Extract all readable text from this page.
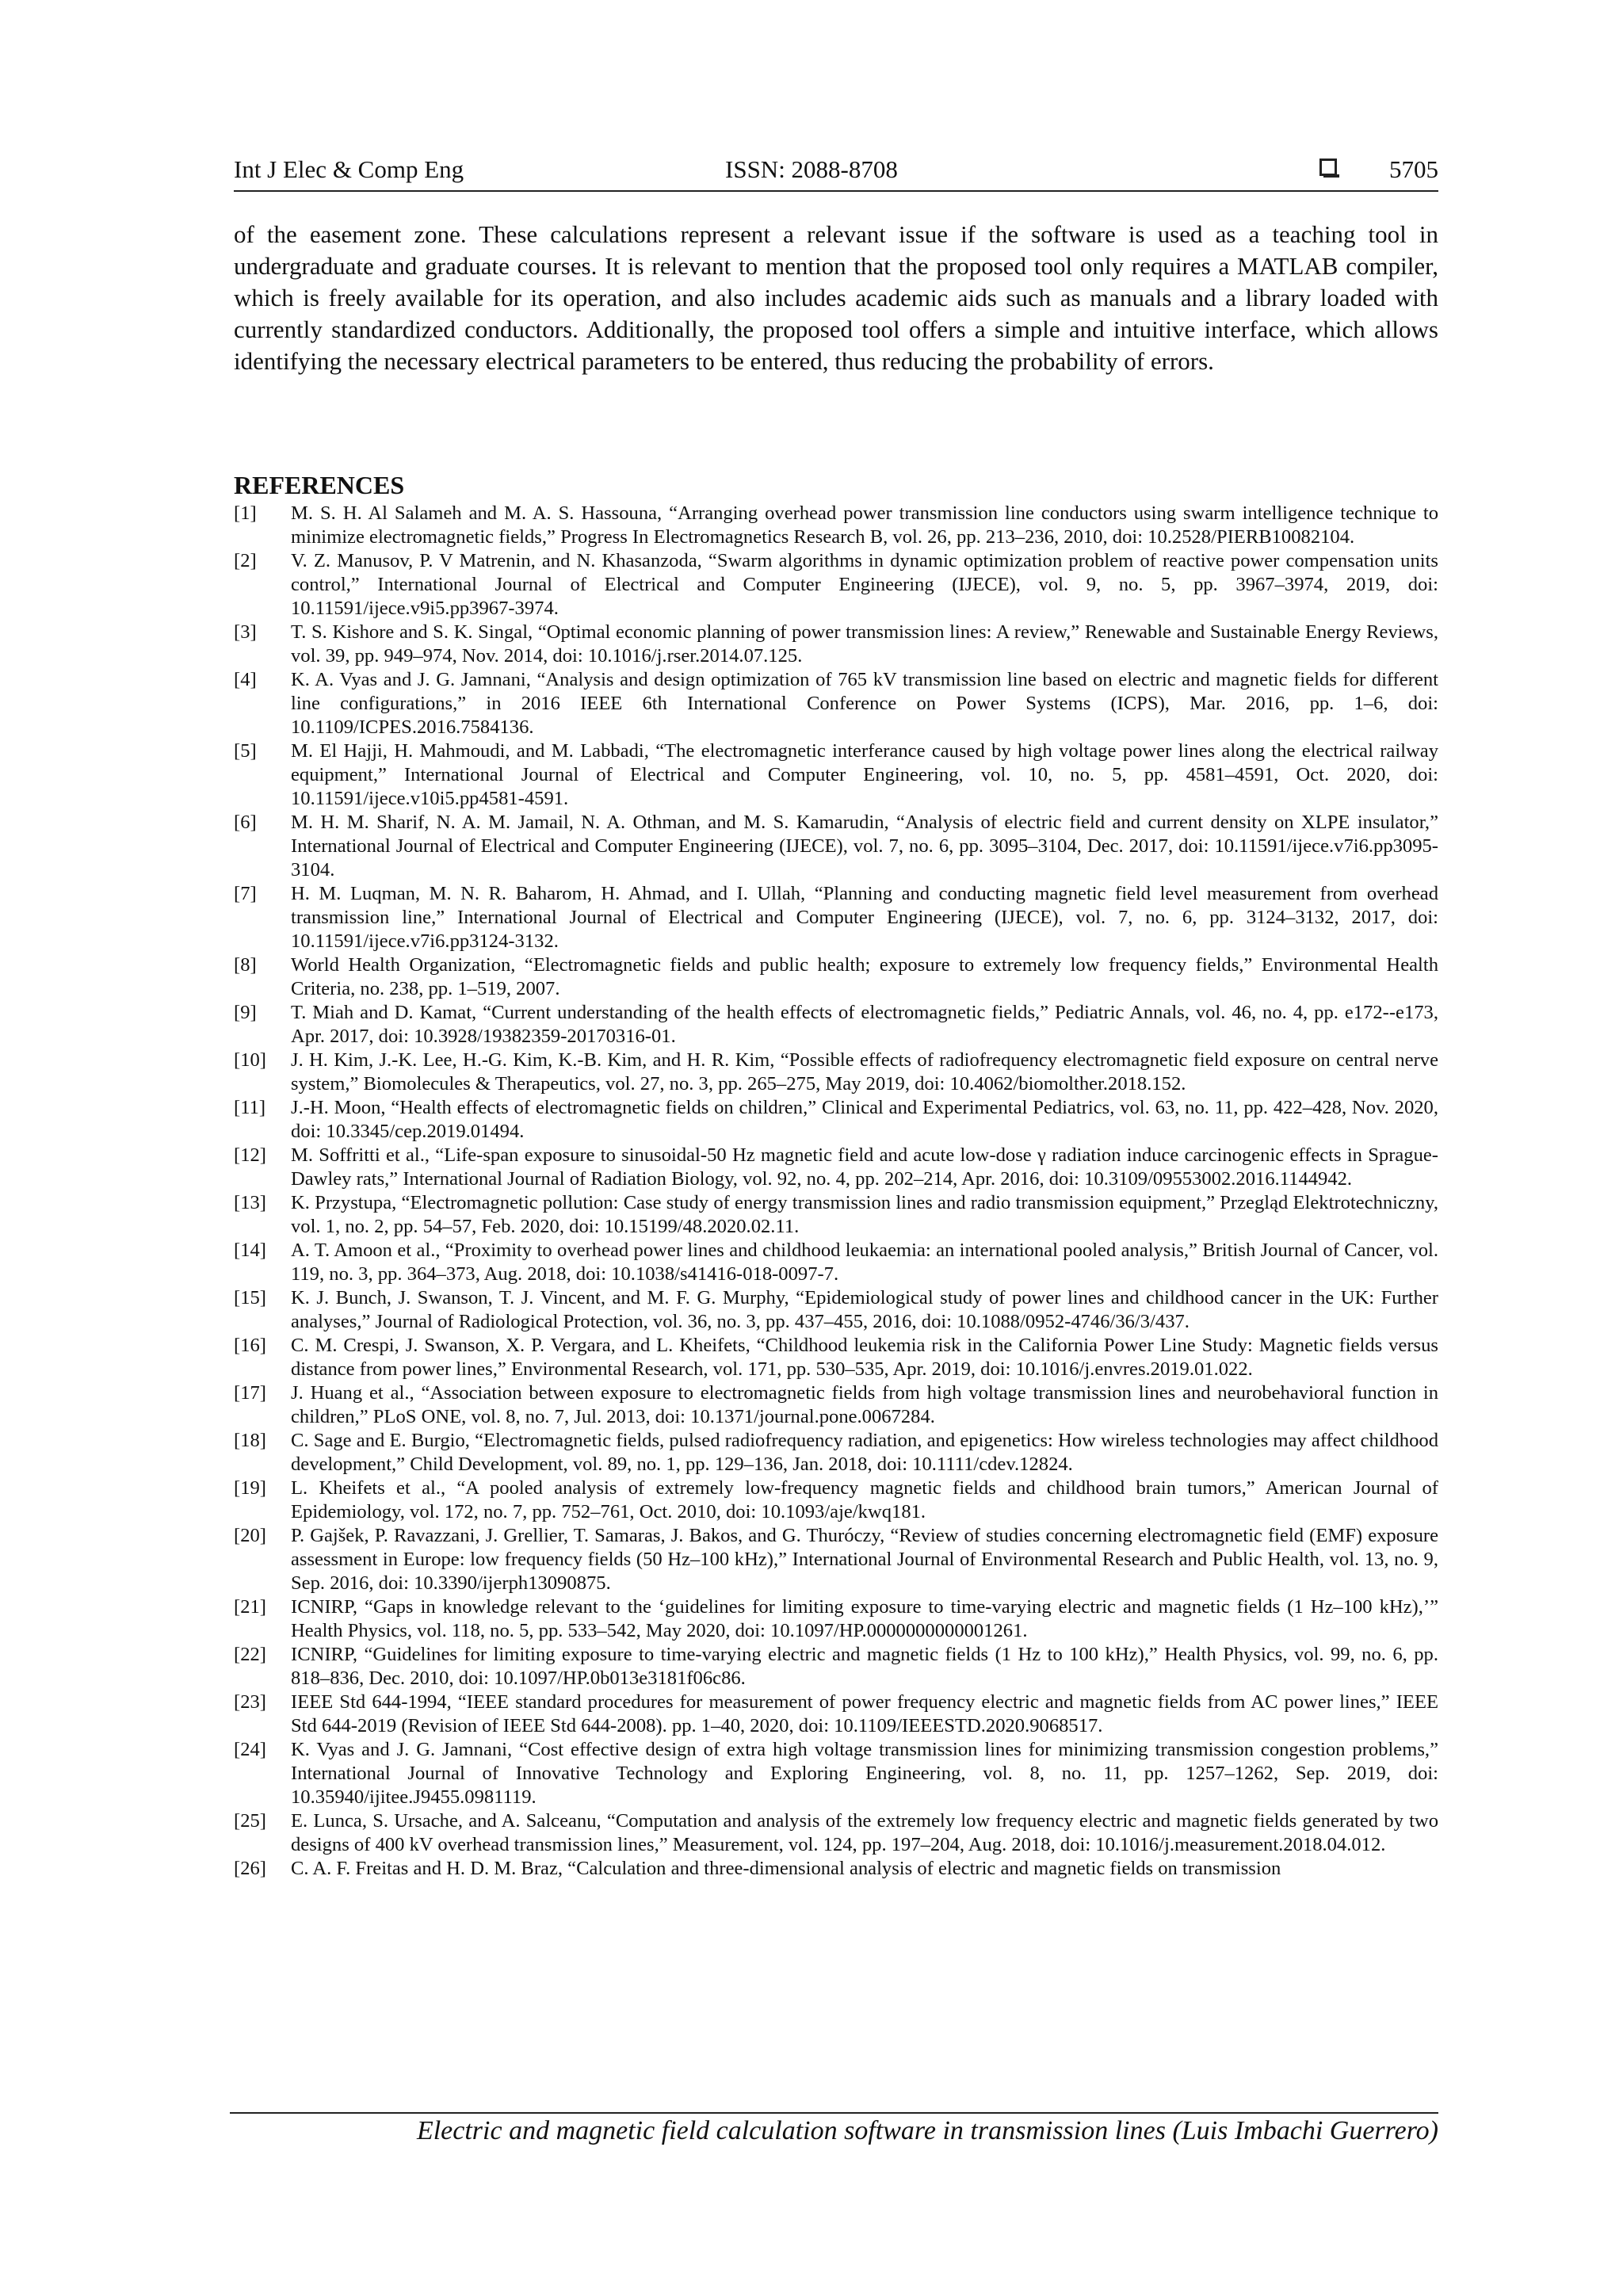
Int J Elec & Comp Eng	ISSN: 2088-8708	5705

of the easement zone. These calculations represent a relevant issue if the software is used as a teaching tool in undergraduate and graduate courses. It is relevant to mention that the proposed tool only requires a MATLAB compiler, which is freely available for its operation, and also includes academic aids such as manuals and a library loaded with currently standardized conductors. Additionally, the proposed tool offers a simple and intuitive interface, which allows identifying the necessary electrical parameters to be entered, thus reducing the probability of errors.

REFERENCES
[1]	M. S. H. Al Salameh and M. A. S. Hassouna, “Arranging overhead power transmission line conductors using swarm intelligence technique to minimize electromagnetic fields,” Progress In Electromagnetics Research B, vol. 26, pp. 213–236, 2010, doi: 10.2528/PIERB10082104.
[2]	V. Z. Manusov, P. V Matrenin, and N. Khasanzoda, “Swarm algorithms in dynamic optimization problem of reactive power compensation units control,” International Journal of Electrical and Computer Engineering (IJECE), vol. 9, no. 5, pp. 3967–3974, 2019, doi: 10.11591/ijece.v9i5.pp3967-3974.
[3]	T. S. Kishore and S. K. Singal, “Optimal economic planning of power transmission lines: A review,” Renewable and Sustainable Energy Reviews, vol. 39, pp. 949–974, Nov. 2014, doi: 10.1016/j.rser.2014.07.125.
[4]	K. A. Vyas and J. G. Jamnani, “Analysis and design optimization of 765 kV transmission line based on electric and magnetic fields for different line configurations,” in 2016 IEEE 6th International Conference on Power Systems (ICPS), Mar. 2016, pp. 1–6, doi: 10.1109/ICPES.2016.7584136.
[5]	M. El Hajji, H. Mahmoudi, and M. Labbadi, “The electromagnetic interferance caused by high voltage power lines along the electrical railway equipment,” International Journal of Electrical and Computer Engineering, vol. 10, no. 5, pp. 4581–4591, Oct. 2020, doi: 10.11591/ijece.v10i5.pp4581-4591.
[6]	M. H. M. Sharif, N. A. M. Jamail, N. A. Othman, and M. S. Kamarudin, “Analysis of electric field and current density on XLPE insulator,” International Journal of Electrical and Computer Engineering (IJECE), vol. 7, no. 6, pp. 3095–3104, Dec. 2017, doi: 10.11591/ijece.v7i6.pp3095-3104.
[7]	H. M. Luqman, M. N. R. Baharom, H. Ahmad, and I. Ullah, “Planning and conducting magnetic field level measurement from overhead transmission line,” International Journal of Electrical and Computer Engineering (IJECE), vol. 7, no. 6, pp. 3124–3132, 2017, doi: 10.11591/ijece.v7i6.pp3124-3132.
[8]	World Health Organization, “Electromagnetic fields and public health; exposure to extremely low frequency fields,” Environmental Health Criteria, no. 238, pp. 1–519, 2007.
[9]	T. Miah and D. Kamat, “Current understanding of the health effects of electromagnetic fields,” Pediatric Annals, vol. 46, no. 4, pp. e172--e173, Apr. 2017, doi: 10.3928/19382359-20170316-01.
[10]	J. H. Kim, J.-K. Lee, H.-G. Kim, K.-B. Kim, and H. R. Kim, “Possible effects of radiofrequency electromagnetic field exposure on central nerve system,” Biomolecules & Therapeutics, vol. 27, no. 3, pp. 265–275, May 2019, doi: 10.4062/biomolther.2018.152.
[11]	J.-H. Moon, “Health effects of electromagnetic fields on children,” Clinical and Experimental Pediatrics, vol. 63, no. 11, pp. 422–428, Nov. 2020, doi: 10.3345/cep.2019.01494.
[12]	M. Soffritti et al., “Life-span exposure to sinusoidal-50 Hz magnetic field and acute low-dose γ radiation induce carcinogenic effects in Sprague-Dawley rats,” International Journal of Radiation Biology, vol. 92, no. 4, pp. 202–214, Apr. 2016, doi: 10.3109/09553002.2016.1144942.
[13]	K. Przystupa, “Electromagnetic pollution: Case study of energy transmission lines and radio transmission equipment,” Przegląd Elektrotechniczny, vol. 1, no. 2, pp. 54–57, Feb. 2020, doi: 10.15199/48.2020.02.11.
[14]	A. T. Amoon et al., “Proximity to overhead power lines and childhood leukaemia: an international pooled analysis,” British Journal of Cancer, vol. 119, no. 3, pp. 364–373, Aug. 2018, doi: 10.1038/s41416-018-0097-7.
[15]	K. J. Bunch, J. Swanson, T. J. Vincent, and M. F. G. Murphy, “Epidemiological study of power lines and childhood cancer in the UK: Further analyses,” Journal of Radiological Protection, vol. 36, no. 3, pp. 437–455, 2016, doi: 10.1088/0952-4746/36/3/437.
[16]	C. M. Crespi, J. Swanson, X. P. Vergara, and L. Kheifets, “Childhood leukemia risk in the California Power Line Study: Magnetic fields versus distance from power lines,” Environmental Research, vol. 171, pp. 530–535, Apr. 2019, doi: 10.1016/j.envres.2019.01.022.
[17]	J. Huang et al., “Association between exposure to electromagnetic fields from high voltage transmission lines and neurobehavioral function in children,” PLoS ONE, vol. 8, no. 7, Jul. 2013, doi: 10.1371/journal.pone.0067284.
[18]	C. Sage and E. Burgio, “Electromagnetic fields, pulsed radiofrequency radiation, and epigenetics: How wireless technologies may affect childhood development,” Child Development, vol. 89, no. 1, pp. 129–136, Jan. 2018, doi: 10.1111/cdev.12824.
[19]	L. Kheifets et al., “A pooled analysis of extremely low-frequency magnetic fields and childhood brain tumors,” American Journal of Epidemiology, vol. 172, no. 7, pp. 752–761, Oct. 2010, doi: 10.1093/aje/kwq181.
[20]	P. Gajšek, P. Ravazzani, J. Grellier, T. Samaras, J. Bakos, and G. Thuróczy, “Review of studies concerning electromagnetic field (EMF) exposure assessment in Europe: low frequency fields (50 Hz–100 kHz),” International Journal of Environmental Research and Public Health, vol. 13, no. 9, Sep. 2016, doi: 10.3390/ijerph13090875.
[21]	ICNIRP, “Gaps in knowledge relevant to the ‘guidelines for limiting exposure to time-varying electric and magnetic fields (1 Hz–100 kHz),’” Health Physics, vol. 118, no. 5, pp. 533–542, May 2020, doi: 10.1097/HP.0000000000001261.
[22]	ICNIRP, “Guidelines for limiting exposure to time-varying electric and magnetic fields (1 Hz to 100 kHz),” Health Physics, vol. 99, no. 6, pp. 818–836, Dec. 2010, doi: 10.1097/HP.0b013e3181f06c86.
[23]	IEEE Std 644-1994, “IEEE standard procedures for measurement of power frequency electric and magnetic fields from AC power lines,” IEEE Std 644-2019 (Revision of IEEE Std 644-2008). pp. 1–40, 2020, doi: 10.1109/IEEESTD.2020.9068517.
[24]	K. Vyas and J. G. Jamnani, “Cost effective design of extra high voltage transmission lines for minimizing transmission congestion problems,” International Journal of Innovative Technology and Exploring Engineering, vol. 8, no. 11, pp. 1257–1262, Sep. 2019, doi: 10.35940/ijitee.J9455.0981119.
[25]	E. Lunca, S. Ursache, and A. Salceanu, “Computation and analysis of the extremely low frequency electric and magnetic fields generated by two designs of 400 kV overhead transmission lines,” Measurement, vol. 124, pp. 197–204, Aug. 2018, doi: 10.1016/j.measurement.2018.04.012.
[26]	C. A. F. Freitas and H. D. M. Braz, “Calculation and three-dimensional analysis of electric and magnetic fields on transmission
Electric and magnetic field calculation software in transmission lines (Luis Imbachi Guerrero)
